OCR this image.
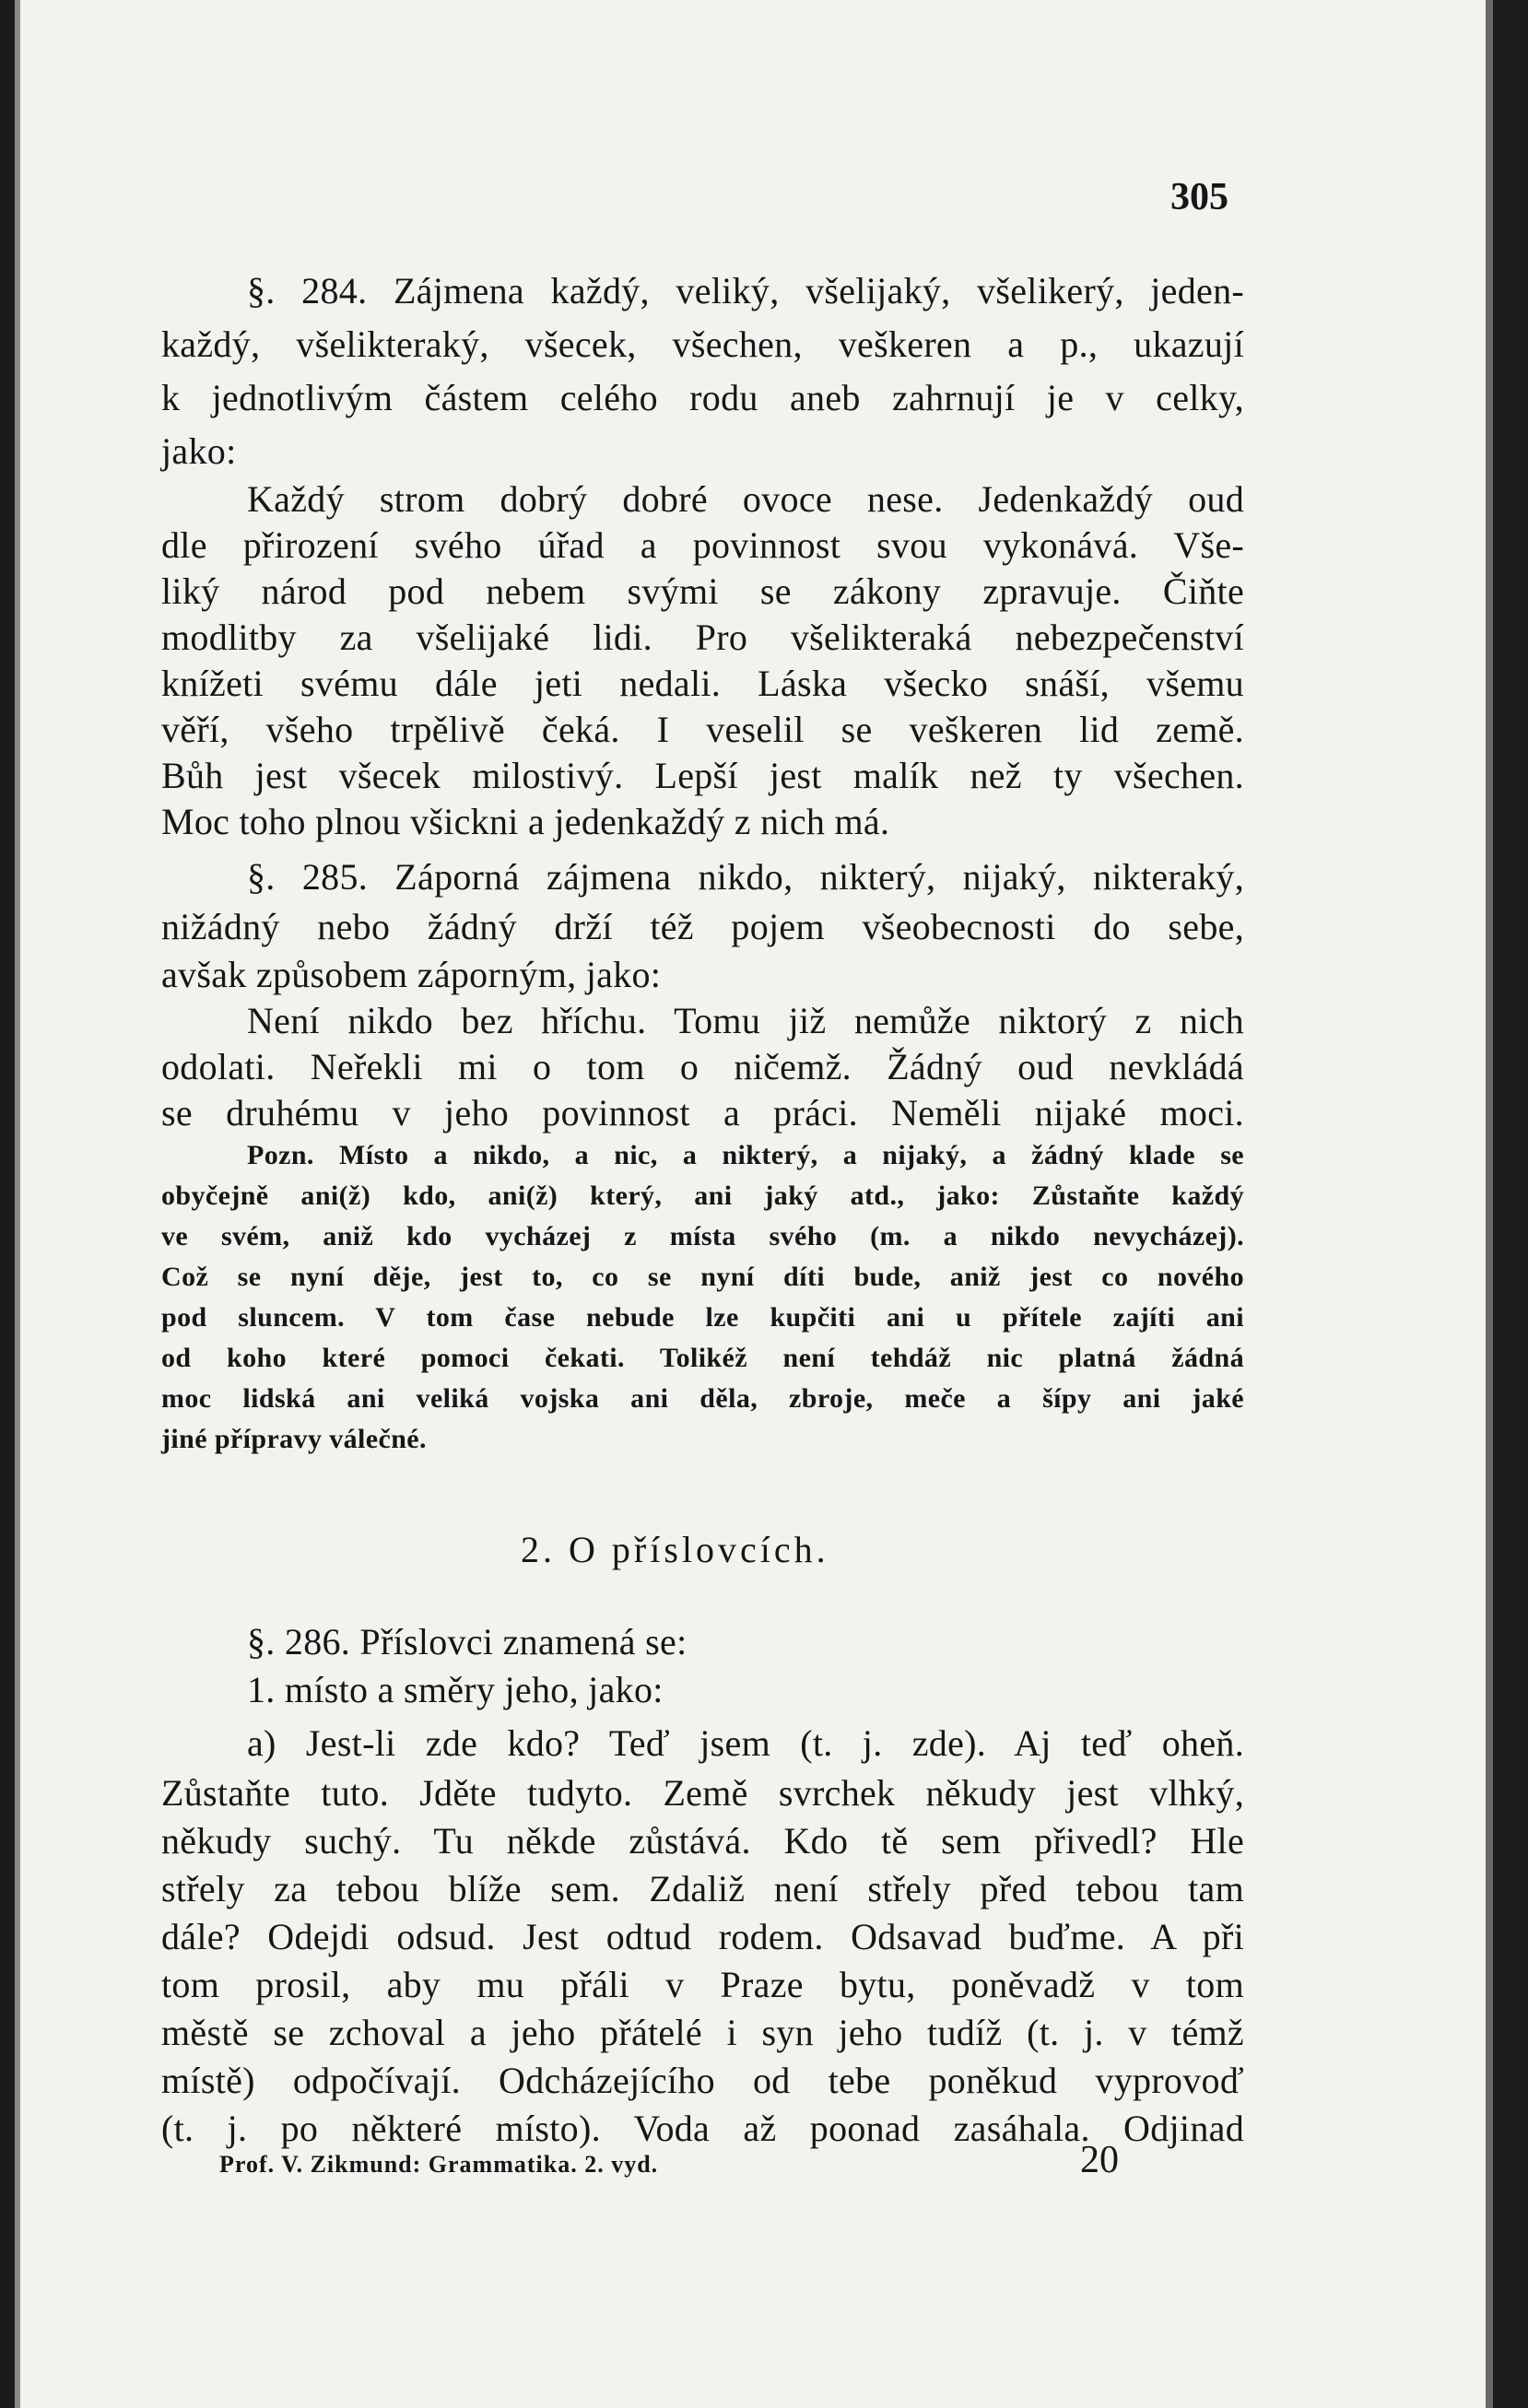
305
§. 284. Zájmena každý, veliký, všelijaký, všelikerý, jeden-
každý, všelikteraký, všecek, všechen, veškeren a p., ukazují
k jednotlivým částem celého rodu aneb zahrnují je v celky,
jako:
Každý strom dobrý dobré ovoce nese. Jedenkaždý oud
dle přirození svého úřad a povinnost svou vykonává. Vše-
liký národ pod nebem svými se zákony zpravuje. Čiňte
modlitby za všelijaké lidi. Pro všelikteraká nebezpečenství
knížeti svému dále jeti nedali. Láska všecko snáší, všemu
věří, všeho trpělivě čeká. I veselil se veškeren lid země.
Bůh jest všecek milostivý. Lepší jest malík než ty všechen.
Moc toho plnou všickni a jedenkaždý z nich má.
§. 285. Záporná zájmena nikdo, nikterý, nijaký, nikteraký,
nižádný nebo žádný drží též pojem všeobecnosti do sebe,
avšak způsobem záporným, jako:
Není nikdo bez hříchu. Tomu již nemůže niktorý z nich
odolati. Neřekli mi o tom o ničemž. Žádný oud nevkládá
se druhému v jeho povinnost a práci. Neměli nijaké moci.
Pozn. Místo a nikdo, a nic, a nikterý, a nijaký, a žádný klade se
obyčejně ani(ž) kdo, ani(ž) který, ani jaký atd., jako: Zůstaňte každý
ve svém, aniž kdo vycházej z místa svého (m. a nikdo nevycházej).
Což se nyní děje, jest to, co se nyní díti bude, aniž jest co nového
pod sluncem. V tom čase nebude lze kupčiti ani u přítele zajíti ani
od koho které pomoci čekati. Tolikéž není tehdáž nic platná žádná
moc lidská ani veliká vojska ani děla, zbroje, meče a šípy ani jaké
jiné přípravy válečné.
2. O příslovcích.
§. 286. Příslovci znamená se:
1. místo a směry jeho, jako:
a) Jest-li zde kdo? Teď jsem (t. j. zde). Aj teď oheň.
Zůstaňte tuto. Jděte tudyto. Země svrchek někudy jest vlhký,
někudy suchý. Tu někde zůstává. Kdo tě sem přivedl? Hle
střely za tebou blíže sem. Zdaliž není střely před tebou tam
dále? Odejdi odsud. Jest odtud rodem. Odsavad buďme. A při
tom prosil, aby mu přáli v Praze bytu, poněvadž v tom
městě se zchoval a jeho přátelé i syn jeho tudíž (t. j. v témž
místě) odpočívají. Odcházejícího od tebe poněkud vyprovoď
(t. j. po některé místo). Voda až poonad zasáhala. Odjinad
Prof. V. Zikmund: Grammatika. 2. vyd.	20
